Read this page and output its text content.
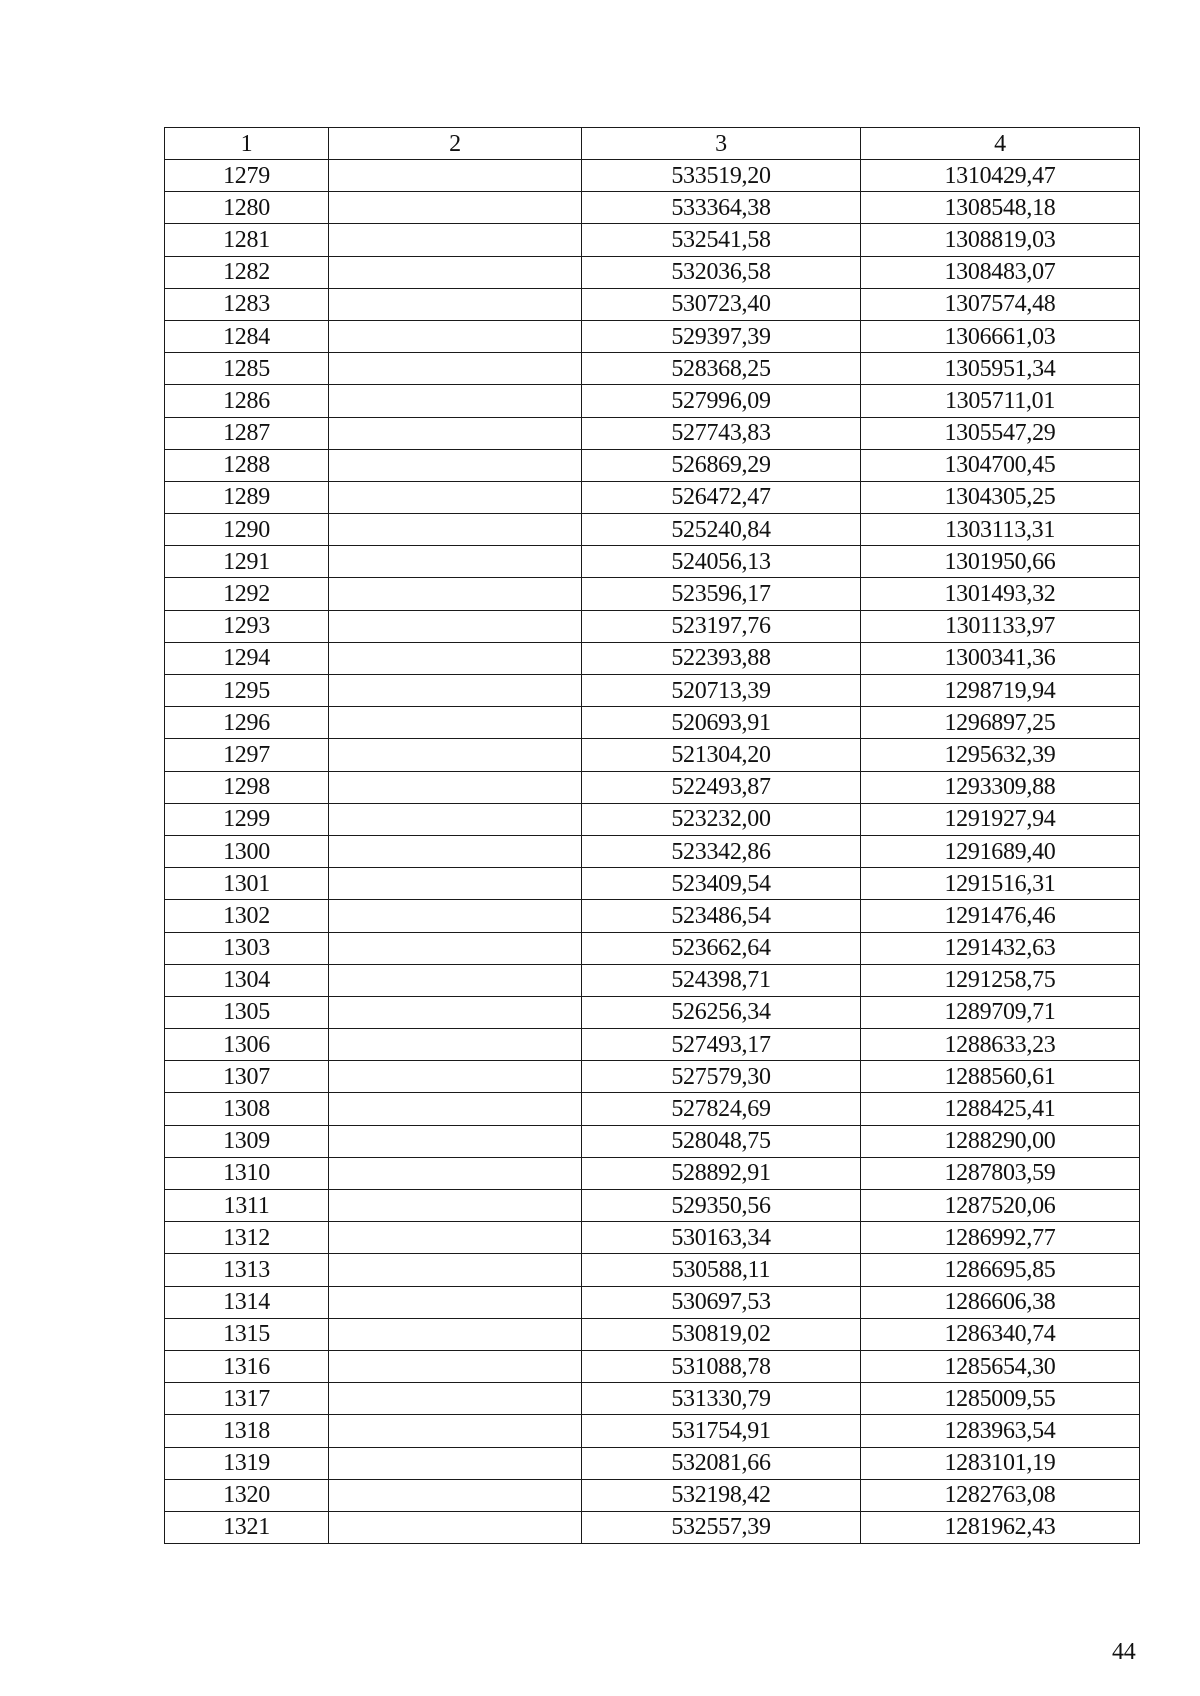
1	2	3	4
1279		533519,20	1310429,47
1280		533364,38	1308548,18
1281		532541,58	1308819,03
1282		532036,58	1308483,07
1283		530723,40	1307574,48
1284		529397,39	1306661,03
1285		528368,25	1305951,34
1286		527996,09	1305711,01
1287		527743,83	1305547,29
1288		526869,29	1304700,45
1289		526472,47	1304305,25
1290		525240,84	1303113,31
1291		524056,13	1301950,66
1292		523596,17	1301493,32
1293		523197,76	1301133,97
1294		522393,88	1300341,36
1295		520713,39	1298719,94
1296		520693,91	1296897,25
1297		521304,20	1295632,39
1298		522493,87	1293309,88
1299		523232,00	1291927,94
1300		523342,86	1291689,40
1301		523409,54	1291516,31
1302		523486,54	1291476,46
1303		523662,64	1291432,63
1304		524398,71	1291258,75
1305		526256,34	1289709,71
1306		527493,17	1288633,23
1307		527579,30	1288560,61
1308		527824,69	1288425,41
1309		528048,75	1288290,00
1310		528892,91	1287803,59
1311		529350,56	1287520,06
1312		530163,34	1286992,77
1313		530588,11	1286695,85
1314		530697,53	1286606,38
1315		530819,02	1286340,74
1316		531088,78	1285654,30
1317		531330,79	1285009,55
1318		531754,91	1283963,54
1319		532081,66	1283101,19
1320		532198,42	1282763,08
1321		532557,39	1281962,43
44
